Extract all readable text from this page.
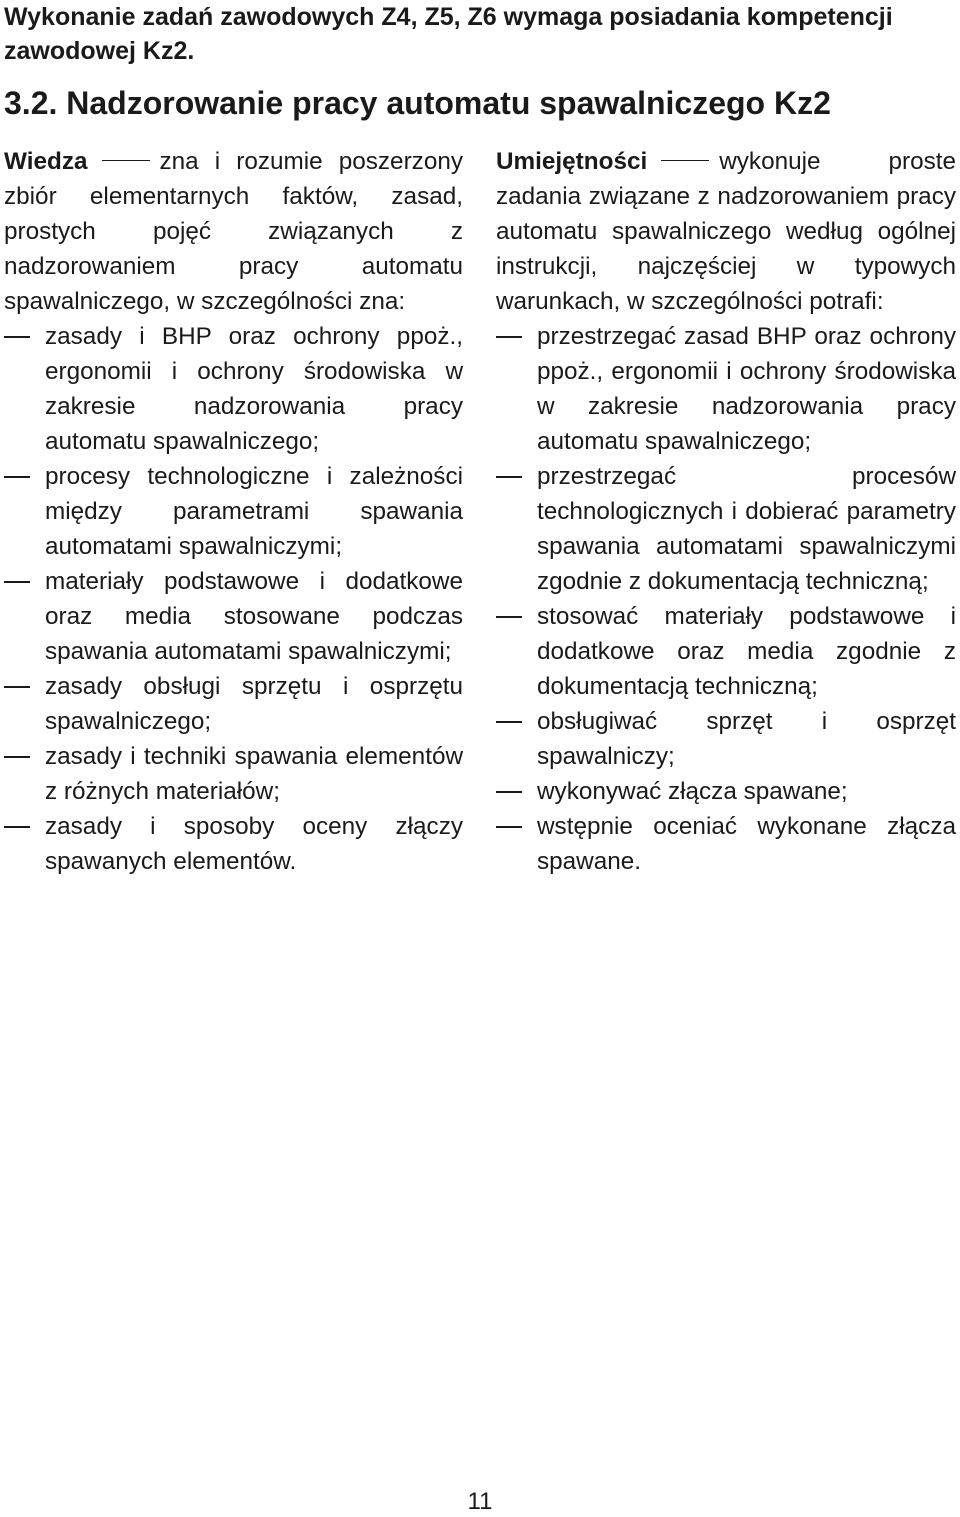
Wykonanie zadań zawodowych Z4, Z5, Z6 wymaga posiadania kompetencji zawodowej Kz2.

3.2. Nadzorowanie pracy automatu spawalniczego Kz2

Wiedza	zna i rozumie poszerzony zbiór elementarnych faktów, zasad, prostych pojęć związanych z nadzorowaniem pracy automatu spawalniczego, w szczególności zna:

zasady i BHP oraz ochrony ppoż., ergonomii i ochrony środowiska w zakresie nadzorowania pracy automatu spawalniczego;
procesy technologiczne i zależności między parametrami spawania automatami spawalniczymi;
materiały podstawowe i dodatkowe oraz media stosowane podczas spawania automatami spawalniczymi;
zasady obsługi sprzętu i osprzętu spawalniczego;
zasady i techniki spawania elementów z różnych materiałów;
zasady i sposoby oceny złączy spawanych elementów.

Umiejętności	wykonuje proste zadania związane z nadzorowaniem pracy automatu spawalniczego według ogólnej instrukcji, najczęściej w typowych warunkach, w szczególności potrafi:

przestrzegać zasad BHP oraz ochrony ppoż., ergonomii i ochrony środowiska w zakresie nadzorowania pracy automatu spawalniczego;
przestrzegać procesów technologicznych i dobierać parametry spawania automatami spawalniczymi zgodnie z dokumentacją techniczną;
stosować materiały podstawowe i dodatkowe oraz media zgodnie z dokumentacją techniczną;
obsługiwać sprzęt i osprzęt spawalniczy;
wykonywać złącza spawane;
wstępnie oceniać wykonane złącza spawane.
11
